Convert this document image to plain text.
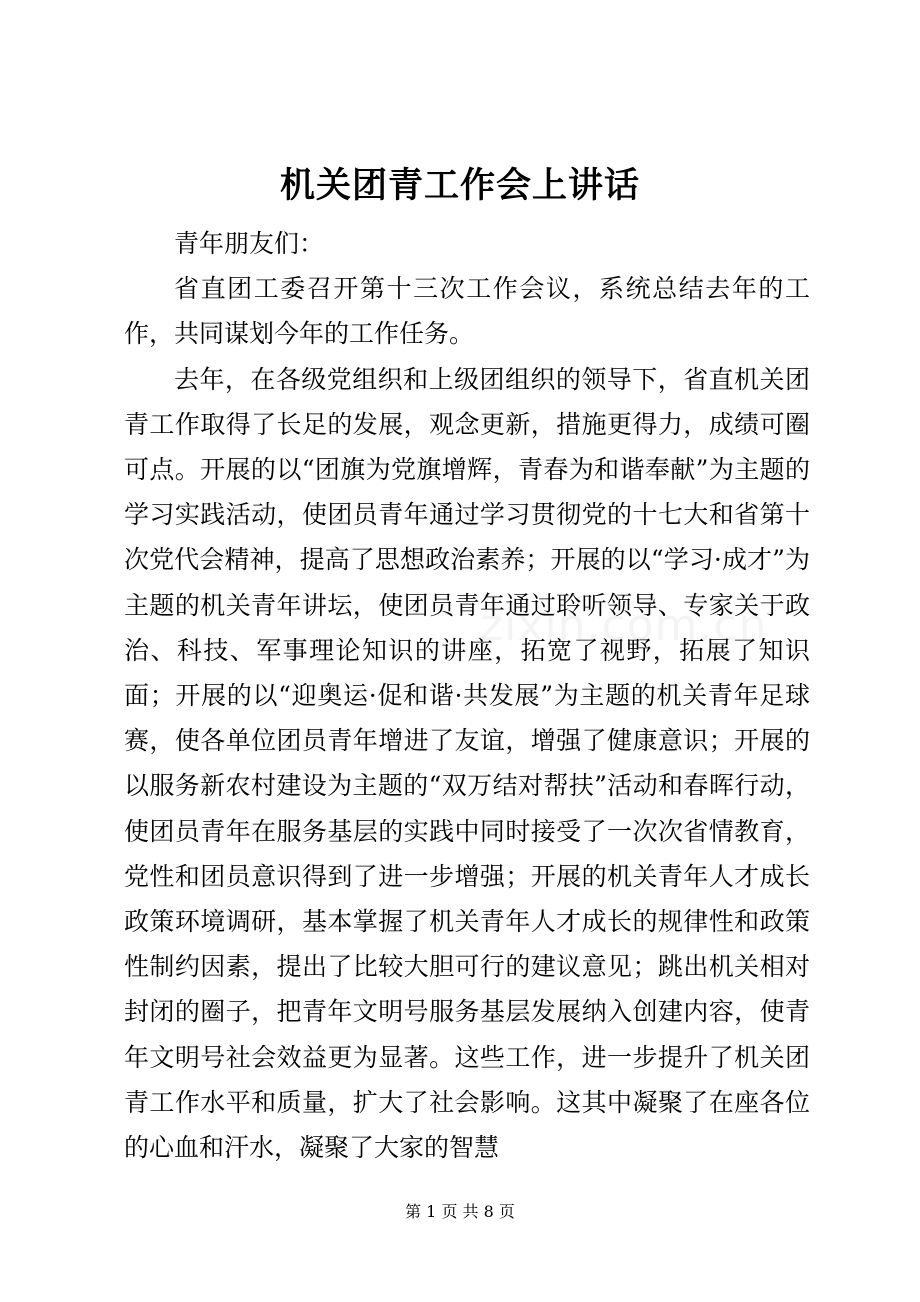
机关团青工作会上讲话

青年朋友们：

省直团工委召开第十三次工作会议，系统总结去年的工作，共同谋划今年的工作任务。

去年，在各级党组织和上级团组织的领导下，省直机关团青工作取得了长足的发展，观念更新，措施更得力，成绩可圈可点。开展的以“团旗为党旗增辉，青春为和谐奉献”为主题的学习实践活动，使团员青年通过学习贯彻党的十七大和省第十次党代会精神，提高了思想政治素养；开展的以“学习·成才”为主题的机关青年讲坛，使团员青年通过聆听领导、专家关于政治、科技、军事理论知识的讲座，拓宽了视野，拓展了知识面；开展的以“迎奥运·促和谐·共发展”为主题的机关青年足球赛，使各单位团员青年增进了友谊，增强了健康意识；开展的以服务新农村建设为主题的“双万结对帮扶”活动和春晖行动，使团员青年在服务基层的实践中同时接受了一次次省情教育，党性和团员意识得到了进一步增强；开展的机关青年人才成长政策环境调研，基本掌握了机关青年人才成长的规律性和政策性制约因素，提出了比较大胆可行的建议意见；跳出机关相对封闭的圈子，把青年文明号服务基层发展纳入创建内容，使青年文明号社会效益更为显著。这些工作，进一步提升了机关团青工作水平和质量，扩大了社会影响。这其中凝聚了在座各位的心血和汗水，凝聚了大家的智慧

第 1 页 共 8 页
